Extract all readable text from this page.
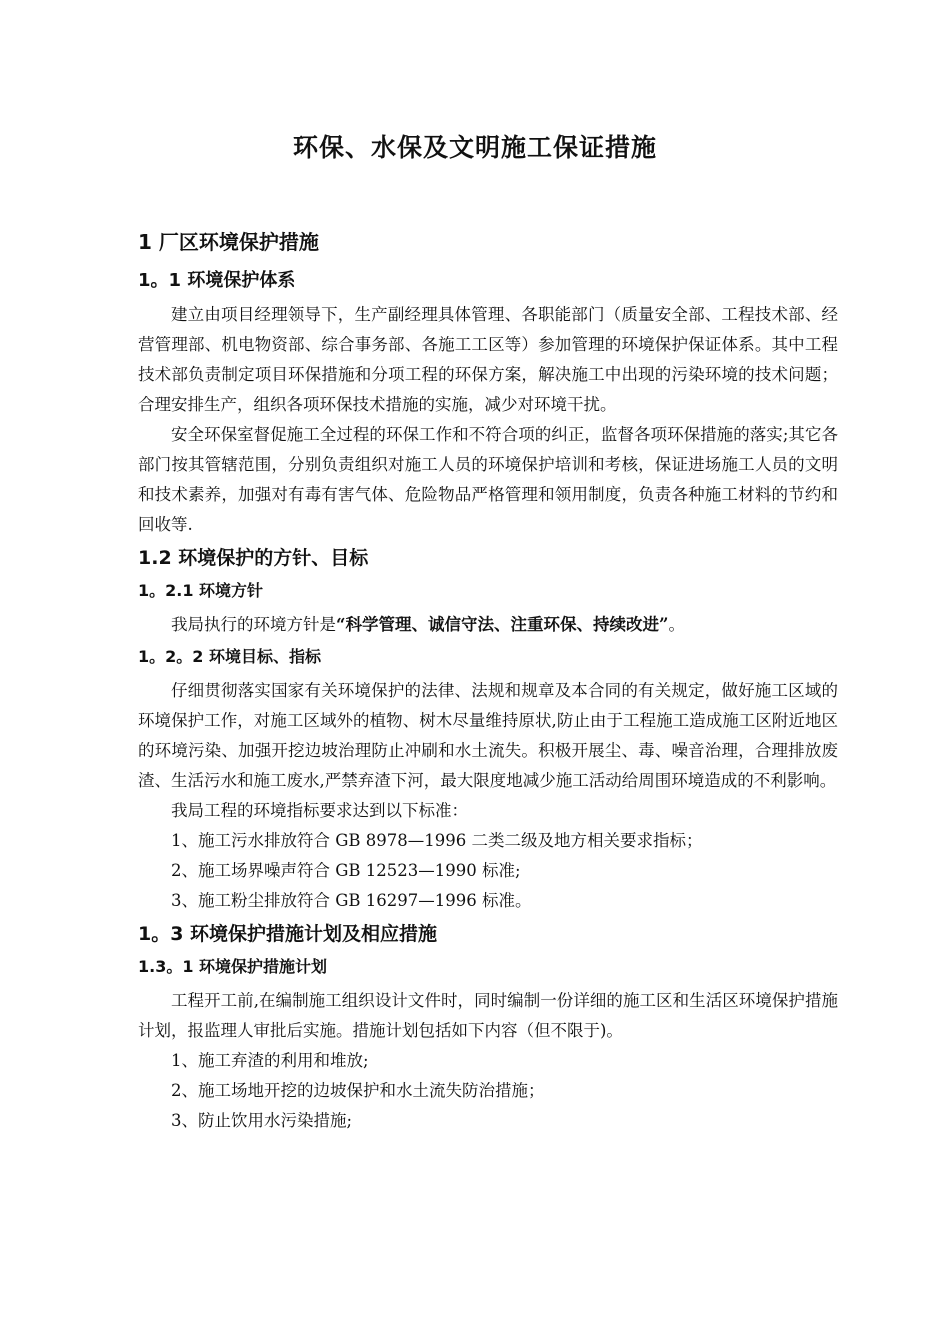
环保、水保及文明施工保证措施
1 厂区环境保护措施
1。1 环境保护体系

建立由项目经理领导下，生产副经理具体管理、各职能部门（质量安全部、工程技术部、经营管理部、机电物资部、综合事务部、各施工工区等）参加管理的环境保护保证体系。其中工程技术部负责制定项目环保措施和分项工程的环保方案，解决施工中出现的污染环境的技术问题；合理安排生产，组织各项环保技术措施的实施，减少对环境干扰。

安全环保室督促施工全过程的环保工作和不符合项的纠正，监督各项环保措施的落实;其它各部门按其管辖范围，分别负责组织对施工人员的环境保护培训和考核，保证进场施工人员的文明和技术素养，加强对有毒有害气体、危险物品严格管理和领用制度，负责各种施工材料的节约和回收等.

1.2 环境保护的方针、目标
1。2.1 环境方针

我局执行的环境方针是“科学管理、诚信守法、注重环保、持续改进”。

1。2。2 环境目标、指标

仔细贯彻落实国家有关环境保护的法律、法规和规章及本合同的有关规定，做好施工区域的环境保护工作，对施工区域外的植物、树木尽量维持原状,防止由于工程施工造成施工区附近地区的环境污染、加强开挖边坡治理防止冲刷和水土流失。积极开展尘、毒、噪音治理，合理排放废渣、生活污水和施工废水,严禁弃渣下河，最大限度地减少施工活动给周围环境造成的不利影响。

我局工程的环境指标要求达到以下标准：

1、施工污水排放符合 GB 8978—1996 二类二级及地方相关要求指标；
2、施工场界噪声符合 GB 12523—1990 标准;
3、施工粉尘排放符合 GB 16297—1996 标准。
1。3 环境保护措施计划及相应措施
1.3。1 环境保护措施计划

工程开工前,在编制施工组织设计文件时，同时编制一份详细的施工区和生活区环境保护措施计划，报监理人审批后实施。措施计划包括如下内容（但不限于)。

1、施工弃渣的利用和堆放;
2、施工场地开挖的边坡保护和水土流失防治措施；
3、防止饮用水污染措施;
